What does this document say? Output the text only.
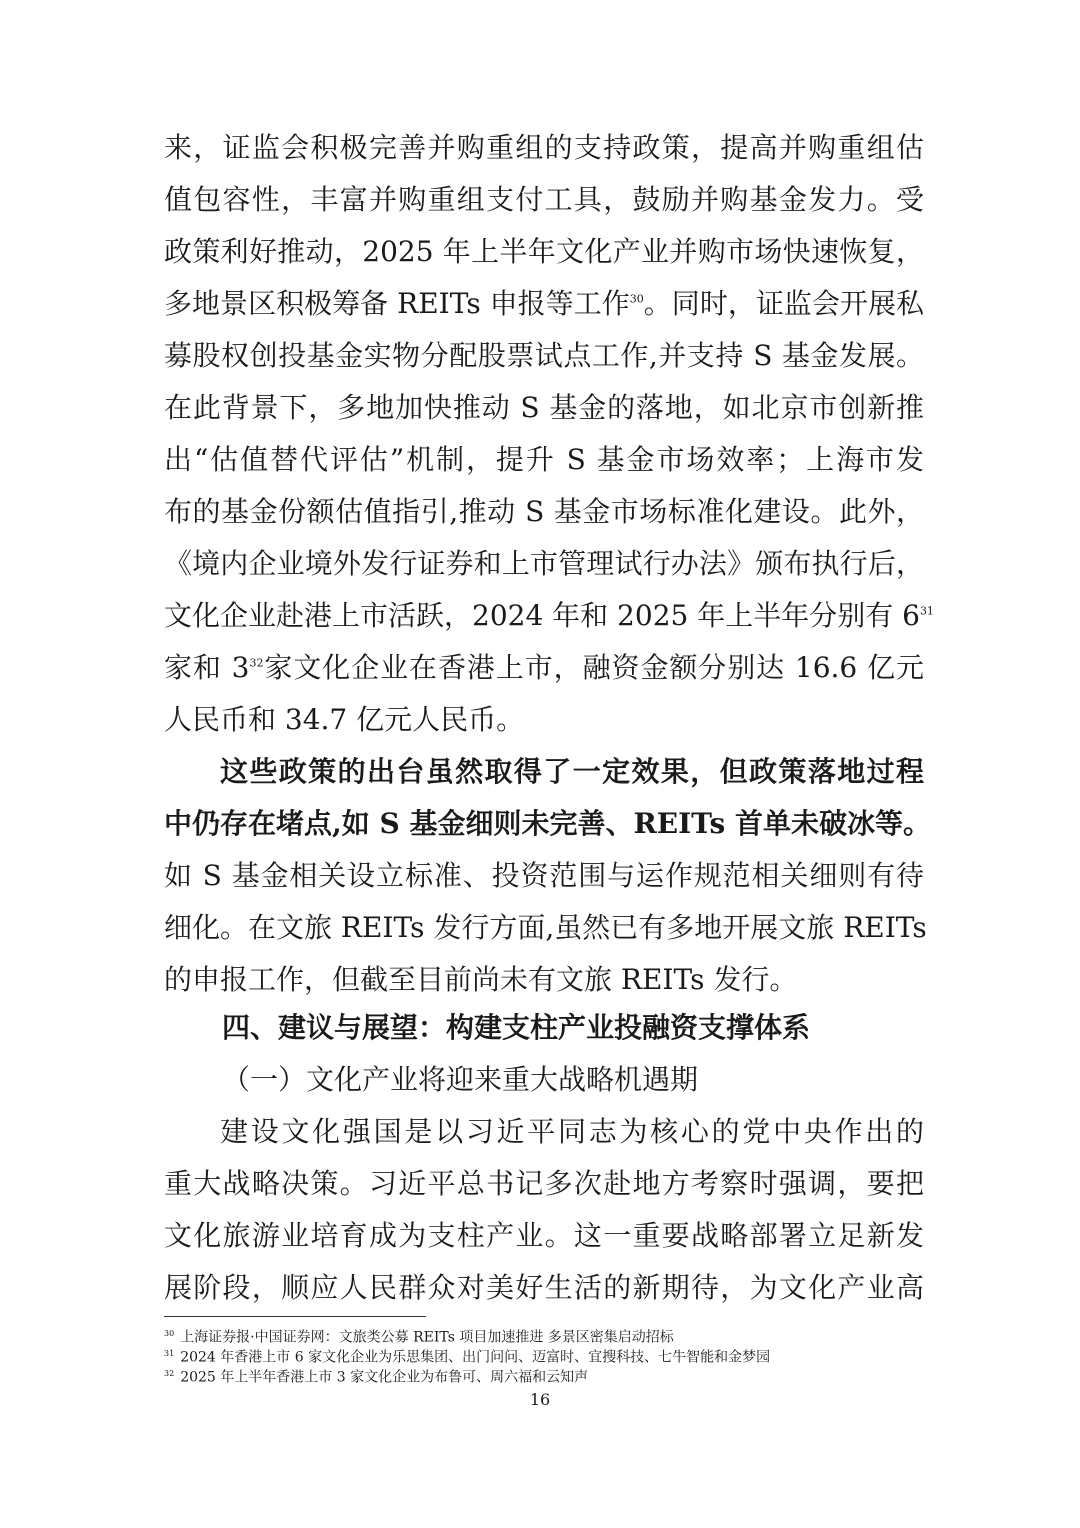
来，证监会积极完善并购重组的支持政策，提高并购重组估
值包容性，丰富并购重组支付工具，鼓励并购基金发力。受
政策利好推动，2025 年上半年文化产业并购市场快速恢复，
多地景区积极筹备 REITs 申报等工作$^{30}$。同时，证监会开展私
募股权创投基金实物分配股票试点工作,并支持 S 基金发展。
在此背景下，多地加快推动 S 基金的落地，如北京市创新推
出“估值替代评估”机制，提升 S 基金市场效率；上海市发
布的基金份额估值指引,推动 S 基金市场标准化建设。此外，
《境内企业境外发行证券和上市管理试行办法》颁布执行后，
文化企业赴港上市活跃，2024 年和 2025 年上半年分别有 $6^{31}$
家和 $3^{32}$家文化企业在香港上市，融资金额分别达 16.6 亿元
人民币和 34.7 亿元人民币。
这些政策的出台虽然取得了一定效果，但政策落地过程
中仍存在堵点,如 S 基金细则未完善、REITs 首单未破冰等。
如 S 基金相关设立标准、投资范围与运作规范相关细则有待
细化。在文旅 REITs 发行方面,虽然已有多地开展文旅 REITs
的申报工作，但截至目前尚未有文旅 REITs 发行。
四、建议与展望：构建支柱产业投融资支撑体系
（一）文化产业将迎来重大战略机遇期
建设文化强国是以习近平同志为核心的党中央作出的
重大战略决策。习近平总书记多次赴地方考察时强调，要把
文化旅游业培育成为支柱产业。这一重要战略部署立足新发
展阶段，顺应人民群众对美好生活的新期待，为文化产业高
$^{30}$ 上海证券报·中国证券网：文旅类公募 REITs 项目加速推进 多景区密集启动招标
$^{31}$ 2024 年香港上市 6 家文化企业为乐思集团、出门问问、迈富时、宜搜科技、七牛智能和金梦园
$^{32}$ 2025 年上半年香港上市 3 家文化企业为布鲁可、周六福和云知声
16
